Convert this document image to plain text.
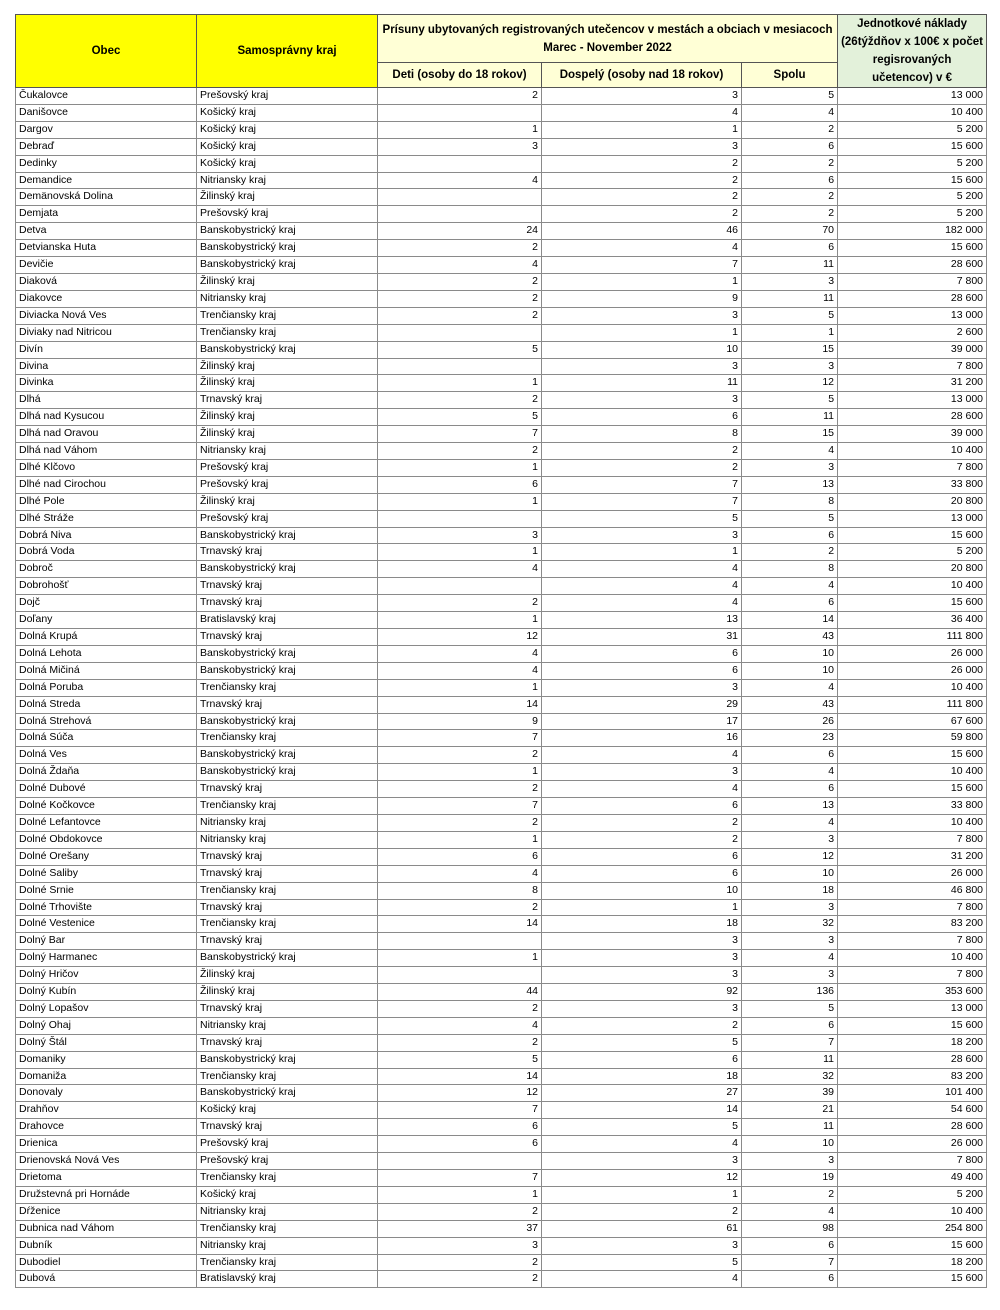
Obec	Samosprávny kraj	Prísuny ubytovaných registrovaných utečencov v mestách a obciach v mesiacoch Marec - November 2022			Jednotkové náklady (26týždňov x 100€ x počet regisrovaných učetencov) v €
		Deti (osoby do 18 rokov)	Dospelý (osoby nad 18 rokov)	Spolu	
Čukalovce	Prešovský kraj	2	3	5	13 000
Danišovce	Košický kraj		4	4	10 400
Dargov	Košický kraj	1	1	2	5 200
Debraď	Košický kraj	3	3	6	15 600
Dedinky	Košický kraj		2	2	5 200
Demandice	Nitriansky kraj	4	2	6	15 600
Demänovská Dolina	Žilinský kraj		2	2	5 200
Demjata	Prešovský kraj		2	2	5 200
Detva	Banskobystrický kraj	24	46	70	182 000
Detvianska Huta	Banskobystrický kraj	2	4	6	15 600
Devičie	Banskobystrický kraj	4	7	11	28 600
Diaková	Žilinský kraj	2	1	3	7 800
Diakovce	Nitriansky kraj	2	9	11	28 600
Diviacka Nová Ves	Trenčiansky kraj	2	3	5	13 000
Diviaky nad Nitricou	Trenčiansky kraj		1	1	2 600
Divín	Banskobystrický kraj	5	10	15	39 000
Divina	Žilinský kraj		3	3	7 800
Divinka	Žilinský kraj	1	11	12	31 200
Dlhá	Trnavský kraj	2	3	5	13 000
Dlhá nad Kysucou	Žilinský kraj	5	6	11	28 600
Dlhá nad Oravou	Žilinský kraj	7	8	15	39 000
Dlhá nad Váhom	Nitriansky kraj	2	2	4	10 400
Dlhé Klčovo	Prešovský kraj	1	2	3	7 800
Dlhé nad Cirochou	Prešovský kraj	6	7	13	33 800
Dlhé Pole	Žilinský kraj	1	7	8	20 800
Dlhé Stráže	Prešovský kraj		5	5	13 000
Dobrá Niva	Banskobystrický kraj	3	3	6	15 600
Dobrá Voda	Trnavský kraj	1	1	2	5 200
Dobroč	Banskobystrický kraj	4	4	8	20 800
Dobrohošť	Trnavský kraj		4	4	10 400
Dojč	Trnavský kraj	2	4	6	15 600
Doľany	Bratislavský kraj	1	13	14	36 400
Dolná Krupá	Trnavský kraj	12	31	43	111 800
Dolná Lehota	Banskobystrický kraj	4	6	10	26 000
Dolná Mičiná	Banskobystrický kraj	4	6	10	26 000
Dolná Poruba	Trenčiansky kraj	1	3	4	10 400
Dolná Streda	Trnavský kraj	14	29	43	111 800
Dolná Strehová	Banskobystrický kraj	9	17	26	67 600
Dolná Súča	Trenčiansky kraj	7	16	23	59 800
Dolná Ves	Banskobystrický kraj	2	4	6	15 600
Dolná Ždaňa	Banskobystrický kraj	1	3	4	10 400
Dolné Dubové	Trnavský kraj	2	4	6	15 600
Dolné Kočkovce	Trenčiansky kraj	7	6	13	33 800
Dolné Lefantovce	Nitriansky kraj	2	2	4	10 400
Dolné Obdokovce	Nitriansky kraj	1	2	3	7 800
Dolné Orešany	Trnavský kraj	6	6	12	31 200
Dolné Saliby	Trnavský kraj	4	6	10	26 000
Dolné Srnie	Trenčiansky kraj	8	10	18	46 800
Dolné Trhovište	Trnavský kraj	2	1	3	7 800
Dolné Vestenice	Trenčiansky kraj	14	18	32	83 200
Dolný Bar	Trnavský kraj		3	3	7 800
Dolný Harmanec	Banskobystrický kraj	1	3	4	10 400
Dolný Hričov	Žilinský kraj		3	3	7 800
Dolný Kubín	Žilinský kraj	44	92	136	353 600
Dolný Lopašov	Trnavský kraj	2	3	5	13 000
Dolný Ohaj	Nitriansky kraj	4	2	6	15 600
Dolný Štál	Trnavský kraj	2	5	7	18 200
Domaniky	Banskobystrický kraj	5	6	11	28 600
Domaniža	Trenčiansky kraj	14	18	32	83 200
Donovaly	Banskobystrický kraj	12	27	39	101 400
Drahňov	Košický kraj	7	14	21	54 600
Drahovce	Trnavský kraj	6	5	11	28 600
Drienica	Prešovský kraj	6	4	10	26 000
Drienovská Nová Ves	Prešovský kraj		3	3	7 800
Drietoma	Trenčiansky kraj	7	12	19	49 400
Družstevná pri Hornáde	Košický kraj	1	1	2	5 200
Dŕženice	Nitriansky kraj	2	2	4	10 400
Dubnica nad Váhom	Trenčiansky kraj	37	61	98	254 800
Dubník	Nitriansky kraj	3	3	6	15 600
Dubodiel	Trenčiansky kraj	2	5	7	18 200
Dubová	Bratislavský kraj	2	4	6	15 600
